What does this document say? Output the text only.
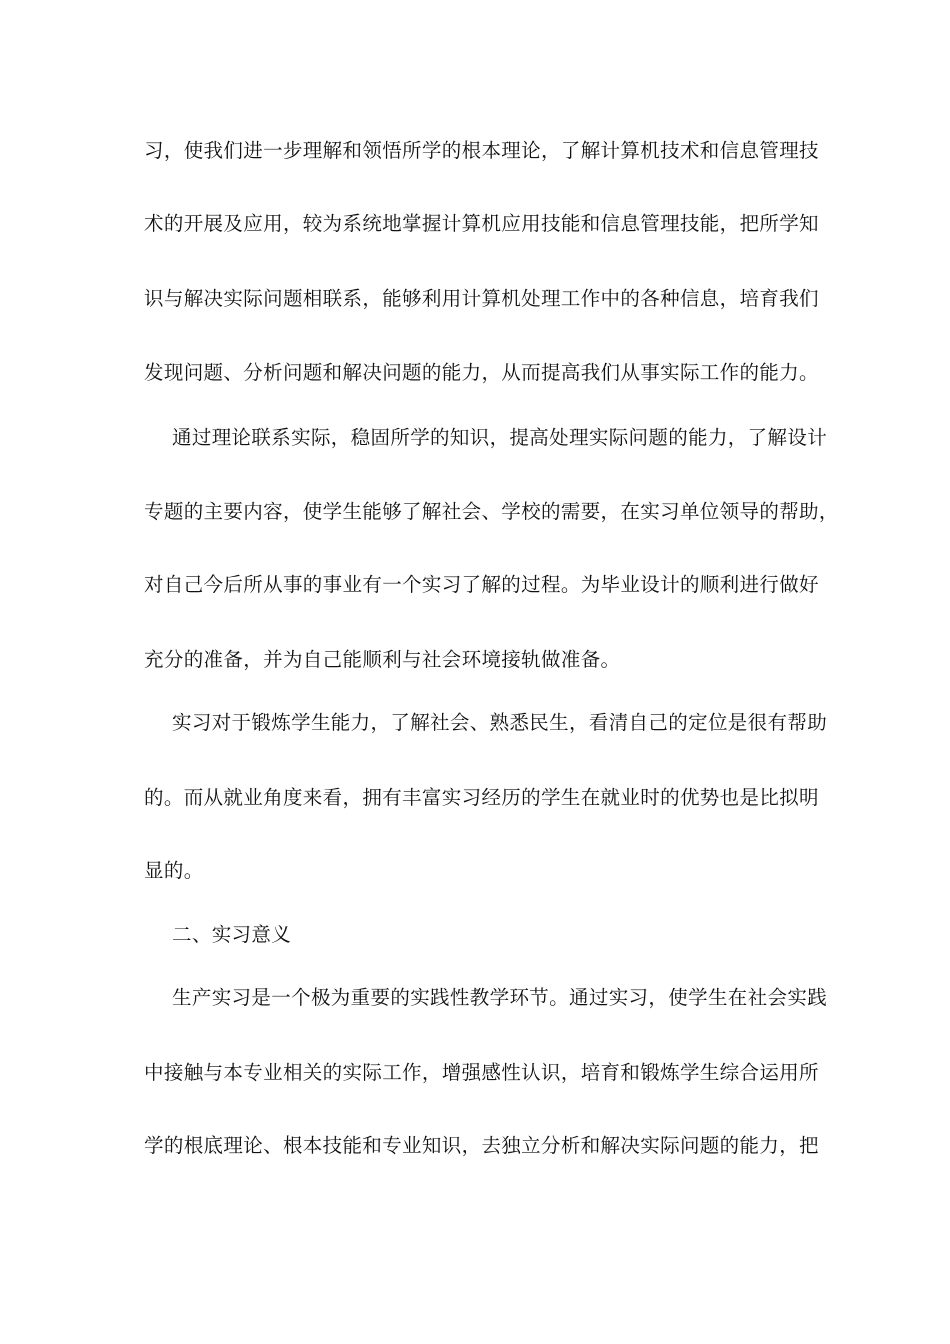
习，使我们进一步理解和领悟所学的根本理论，了解计算机技术和信息管理技
术的开展及应用，较为系统地掌握计算机应用技能和信息管理技能，把所学知
识与解决实际问题相联系，能够利用计算机处理工作中的各种信息，培育我们
发现问题、分析问题和解决问题的能力，从而提高我们从事实际工作的能力。
通过理论联系实际，稳固所学的知识，提高处理实际问题的能力，了解设计
专题的主要内容，使学生能够了解社会、学校的需要，在实习单位领导的帮助，
对自己今后所从事的事业有一个实习了解的过程。为毕业设计的顺利进行做好
充分的准备，并为自己能顺利与社会环境接轨做准备。
实习对于锻炼学生能力，了解社会、熟悉民生，看清自己的定位是很有帮助
的。而从就业角度来看，拥有丰富实习经历的学生在就业时的优势也是比拟明
显的。
二、实习意义
生产实习是一个极为重要的实践性教学环节。通过实习，使学生在社会实践
中接触与本专业相关的实际工作，增强感性认识，培育和锻炼学生综合运用所
学的根底理论、根本技能和专业知识，去独立分析和解决实际问题的能力，把
